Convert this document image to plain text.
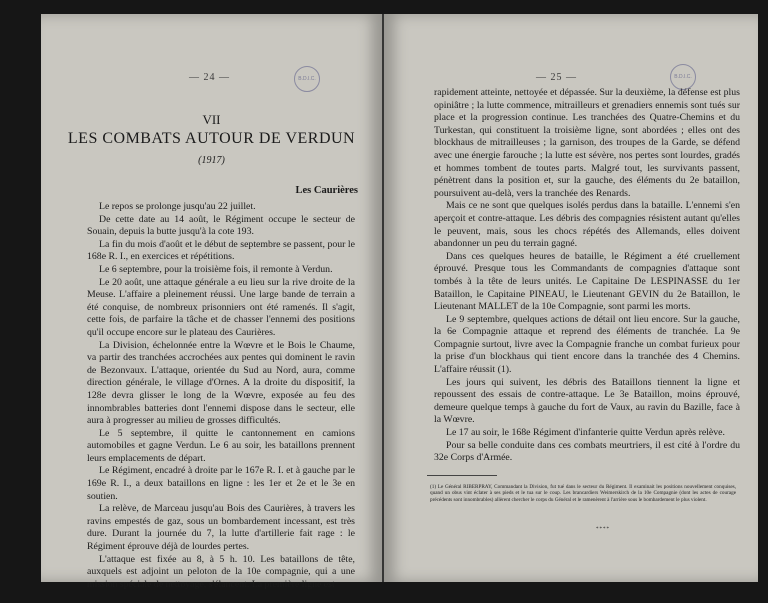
— 24 —	B.D.I.C.
VII
LES COMBATS AUTOUR DE VERDUN
(1917)
Les Caurières

Le repos se prolonge jusqu'au 22 juillet.

De cette date au 14 août, le Régiment occupe le secteur de Souain, depuis la butte jusqu'à la cote 193.

La fin du mois d'août et le début de septembre se passent, pour le 168e R. I., en exercices et répétitions.

Le 6 septembre, pour la troisième fois, il remonte à Verdun.

Le 20 août, une attaque générale a eu lieu sur la rive droite de la Meuse. L'affaire a pleinement réussi. Une large bande de terrain a été conquise, de nombreux prisonniers ont été ramenés. Il s'agit, cette fois, de parfaire la tâche et de chasser l'ennemi des positions qu'il occupe encore sur le plateau des Caurières.

La Division, échelonnée entre la Wœvre et le Bois le Chaume, va partir des tranchées accrochées aux pentes qui dominent le ravin de Bezonvaux. L'attaque, orientée du Sud au Nord, aura, comme direction générale, le village d'Ornes. A la droite du dispositif, la 128e devra glisser le long de la Wœvre, exposée au feu des innombrables batteries dont l'ennemi dispose dans le secteur, elle aura à progresser au milieu de grosses difficultés.

Le 5 septembre, il quitte le cantonnement en camions automobiles et gagne Verdun. Le 6 au soir, les bataillons prennent leurs emplacements de départ.

Le Régiment, encadré à droite par le 167e R. I. et à gauche par le 169e R. I., a deux bataillons en ligne : les 1er et 2e et le 3e en soutien.

La relève, de Marceau jusqu'au Bois des Caurières, à travers les ravins empestés de gaz, sous un bombardement incessant, est très dure. Durant la journée du 7, la lutte d'artillerie fait rage : le Régiment éprouve déjà de lourdes pertes.

L'attaque est fixée au 8, à 5 h. 10. Les bataillons de tête, auxquels est adjoint un peloton de la 10e compagnie, qui a une mission spéciale de nettoyage, s'élancent. La première ligne est

— 25 —	B.D.I.C.

rapidement atteinte, nettoyée et dépassée. Sur la deuxième, la défense est plus opiniâtre ; la lutte commence, mitrailleurs et grenadiers ennemis sont tués sur place et la progression continue. Les tranchées des Quatre-Chemins et du Turkestan, qui constituent la troisième ligne, sont abordées ; elles ont des blockhaus de mitrailleuses ; la garnison, des troupes de la Garde, se défend avec une énergie farouche ; la lutte est sévère, nos pertes sont lourdes, gradés et hommes tombent de toutes parts. Malgré tout, les survivants passent, pénètrent dans la position et, sur la gauche, des éléments du 2e bataillon, poursuivent au-delà, vers la tranchée des Renards.

Mais ce ne sont que quelques isolés perdus dans la bataille. L'ennemi s'en aperçoit et contre-attaque. Les débris des compagnies résistent autant qu'elles le peuvent, mais, sous les chocs répétés des Allemands, elles doivent abandonner un peu du terrain gagné.

Dans ces quelques heures de bataille, le Régiment a été cruellement éprouvé. Presque tous les Commandants de compagnies d'attaque sont tombés à la tête de leurs unités. Le Capitaine De LESPINASSE du 1er Bataillon, le Capitaine PINEAU, le Lieutenant GEVIN du 2e Bataillon, le Lieutenant MALLET de la 10e Compagnie, sont parmi les morts.

Le 9 septembre, quelques actions de détail ont lieu encore. Sur la gauche, la 6e Compagnie attaque et reprend des éléments de tranchée. La 9e Compagnie surtout, livre avec la Compagnie franche un combat furieux pour la prise d'un blockhaus qui tient encore dans la tranchée des 4 Chemins. L'affaire réussit (1).

Les jours qui suivent, les débris des Bataillons tiennent la ligne et repoussent des essais de contre-attaque. Le 3e Bataillon, moins éprouvé, demeure quelque temps à gauche du fort de Vaux, au ravin du Bazille, face à la Wœvre.

Le 17 au soir, le 168e Régiment d'infanterie quitte Verdun après relève.

Pour sa belle conduite dans ces combats meurtriers, il est cité à l'ordre du 32e Corps d'Armée.

(1) Le Général RIBERPRAY, Commandant la Division, fut tué dans le secteur du Régiment. Il examinait les positions nouvellement conquises, quand un obus vint éclater à ses pieds et le tua sur le coup. Les brancardiers Weimerskirch de la 10e Compagnie (dont les actes de courage précédents sont innombrables) allèrent chercher le corps du Général et le ramenèrent à l'arrière sous le bombardement le plus violent.
****
